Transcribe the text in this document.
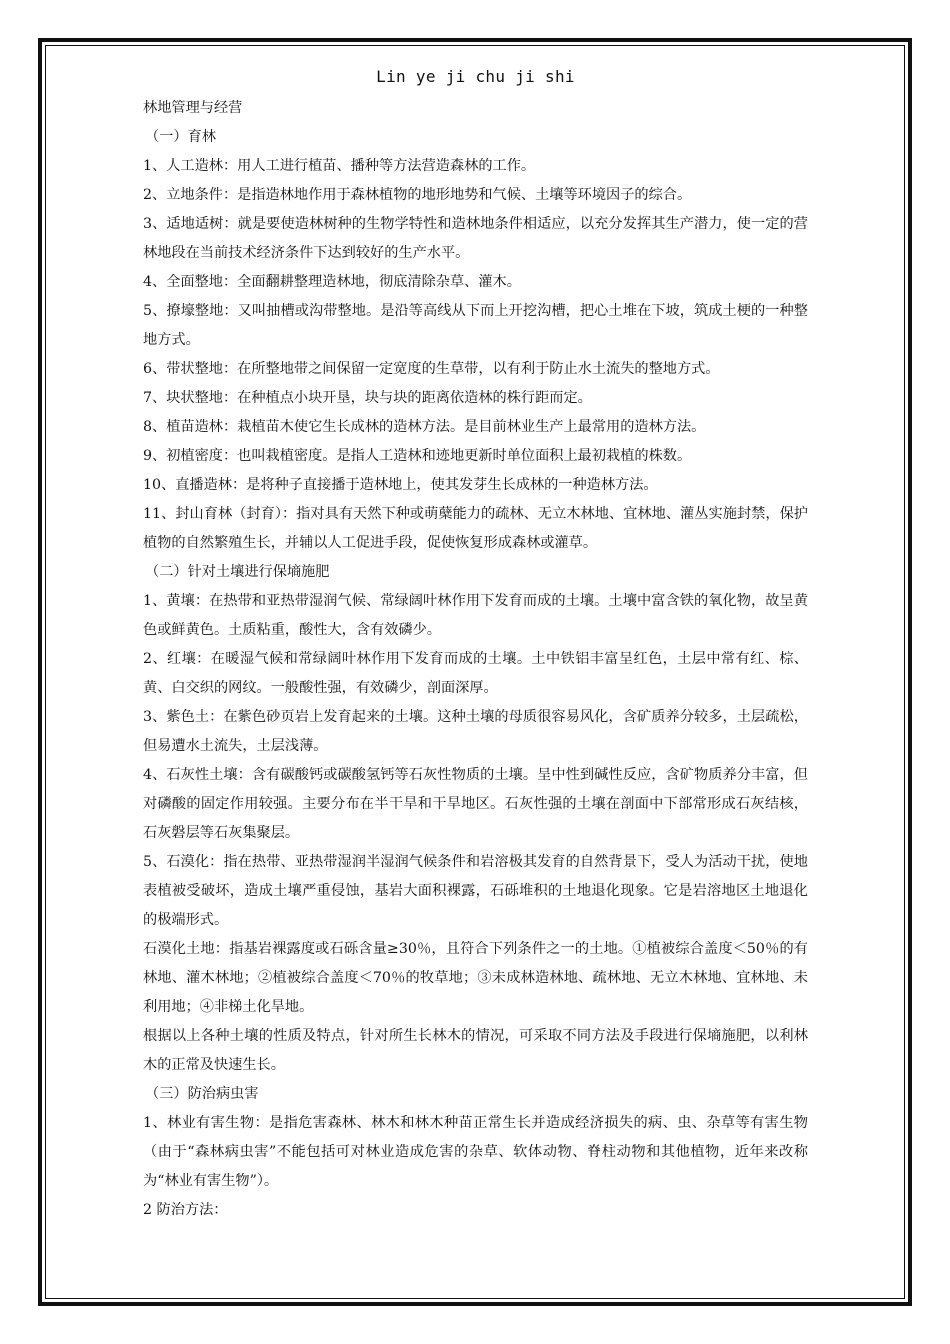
Lin ye ji chu ji shi

林地管理与经营

（一）育林

1、人工造林：用人工进行植苗、播种等方法营造森林的工作。

2、立地条件：是指造林地作用于森林植物的地形地势和气候、土壤等环境因子的综合。

3、适地适树：就是要使造林树种的生物学特性和造林地条件相适应，以充分发挥其生产潜力，使一定的营林地段在当前技术经济条件下达到较好的生产水平。

4、全面整地：全面翻耕整理造林地，彻底清除杂草、灌木。

5、撩壕整地：又叫抽槽或沟带整地。是沿等高线从下而上开挖沟槽，把心土堆在下坡，筑成土梗的一种整地方式。

6、带状整地：在所整地带之间保留一定宽度的生草带，以有利于防止水土流失的整地方式。

7、块状整地：在种植点小块开垦，块与块的距离依造林的株行距而定。

8、植苗造林：栽植苗木使它生长成林的造林方法。是目前林业生产上最常用的造林方法。

9、初植密度：也叫栽植密度。是指人工造林和迹地更新时单位面积上最初栽植的株数。

10、直播造林：是将种子直接播于造林地上，使其发芽生长成林的一种造林方法。

11、封山育林（封育）：指对具有天然下种或萌蘖能力的疏林、无立木林地、宜林地、灌丛实施封禁，保护植物的自然繁殖生长，并辅以人工促进手段，促使恢复形成森林或灌草。

（二）针对土壤进行保墒施肥

1、黄壤：在热带和亚热带湿润气候、常绿阔叶林作用下发育而成的土壤。土壤中富含铁的氧化物，故呈黄色或鲜黄色。土质粘重，酸性大，含有效磷少。

2、红壤：在暖湿气候和常绿阔叶林作用下发育而成的土壤。土中铁铝丰富呈红色，土层中常有红、棕、黄、白交织的网纹。一般酸性强，有效磷少，剖面深厚。

3、紫色土：在紫色砂页岩上发育起来的土壤。这种土壤的母质很容易风化，含矿质养分较多，土层疏松，但易遭水土流失，土层浅薄。

4、石灰性土壤：含有碳酸钙或碳酸氢钙等石灰性物质的土壤。呈中性到碱性反应，含矿物质养分丰富，但对磷酸的固定作用较强。主要分布在半干旱和干旱地区。石灰性强的土壤在剖面中下部常形成石灰结核，石灰磐层等石灰集聚层。

5、石漠化：指在热带、亚热带湿润半湿润气候条件和岩溶极其发育的自然背景下，受人为活动干扰，使地表植被受破坏，造成土壤严重侵蚀，基岩大面积裸露，石砾堆积的土地退化现象。它是岩溶地区土地退化的极端形式。

石漠化土地：指基岩裸露度或石砾含量≥30％，且符合下列条件之一的土地。①植被综合盖度＜50％的有林地、灌木林地；②植被综合盖度＜70％的牧草地；③未成林造林地、疏林地、无立木林地、宜林地、未利用地；④非梯土化旱地。

根据以上各种土壤的性质及特点，针对所生长林木的情况，可采取不同方法及手段进行保墒施肥，以利林木的正常及快速生长。

（三）防治病虫害

1、林业有害生物：是指危害森林、林木和林木种苗正常生长并造成经济损失的病、虫、杂草等有害生物（由于“森林病虫害”不能包括可对林业造成危害的杂草、软体动物、脊柱动物和其他植物，近年来改称为“林业有害生物”）。

2 防治方法：
